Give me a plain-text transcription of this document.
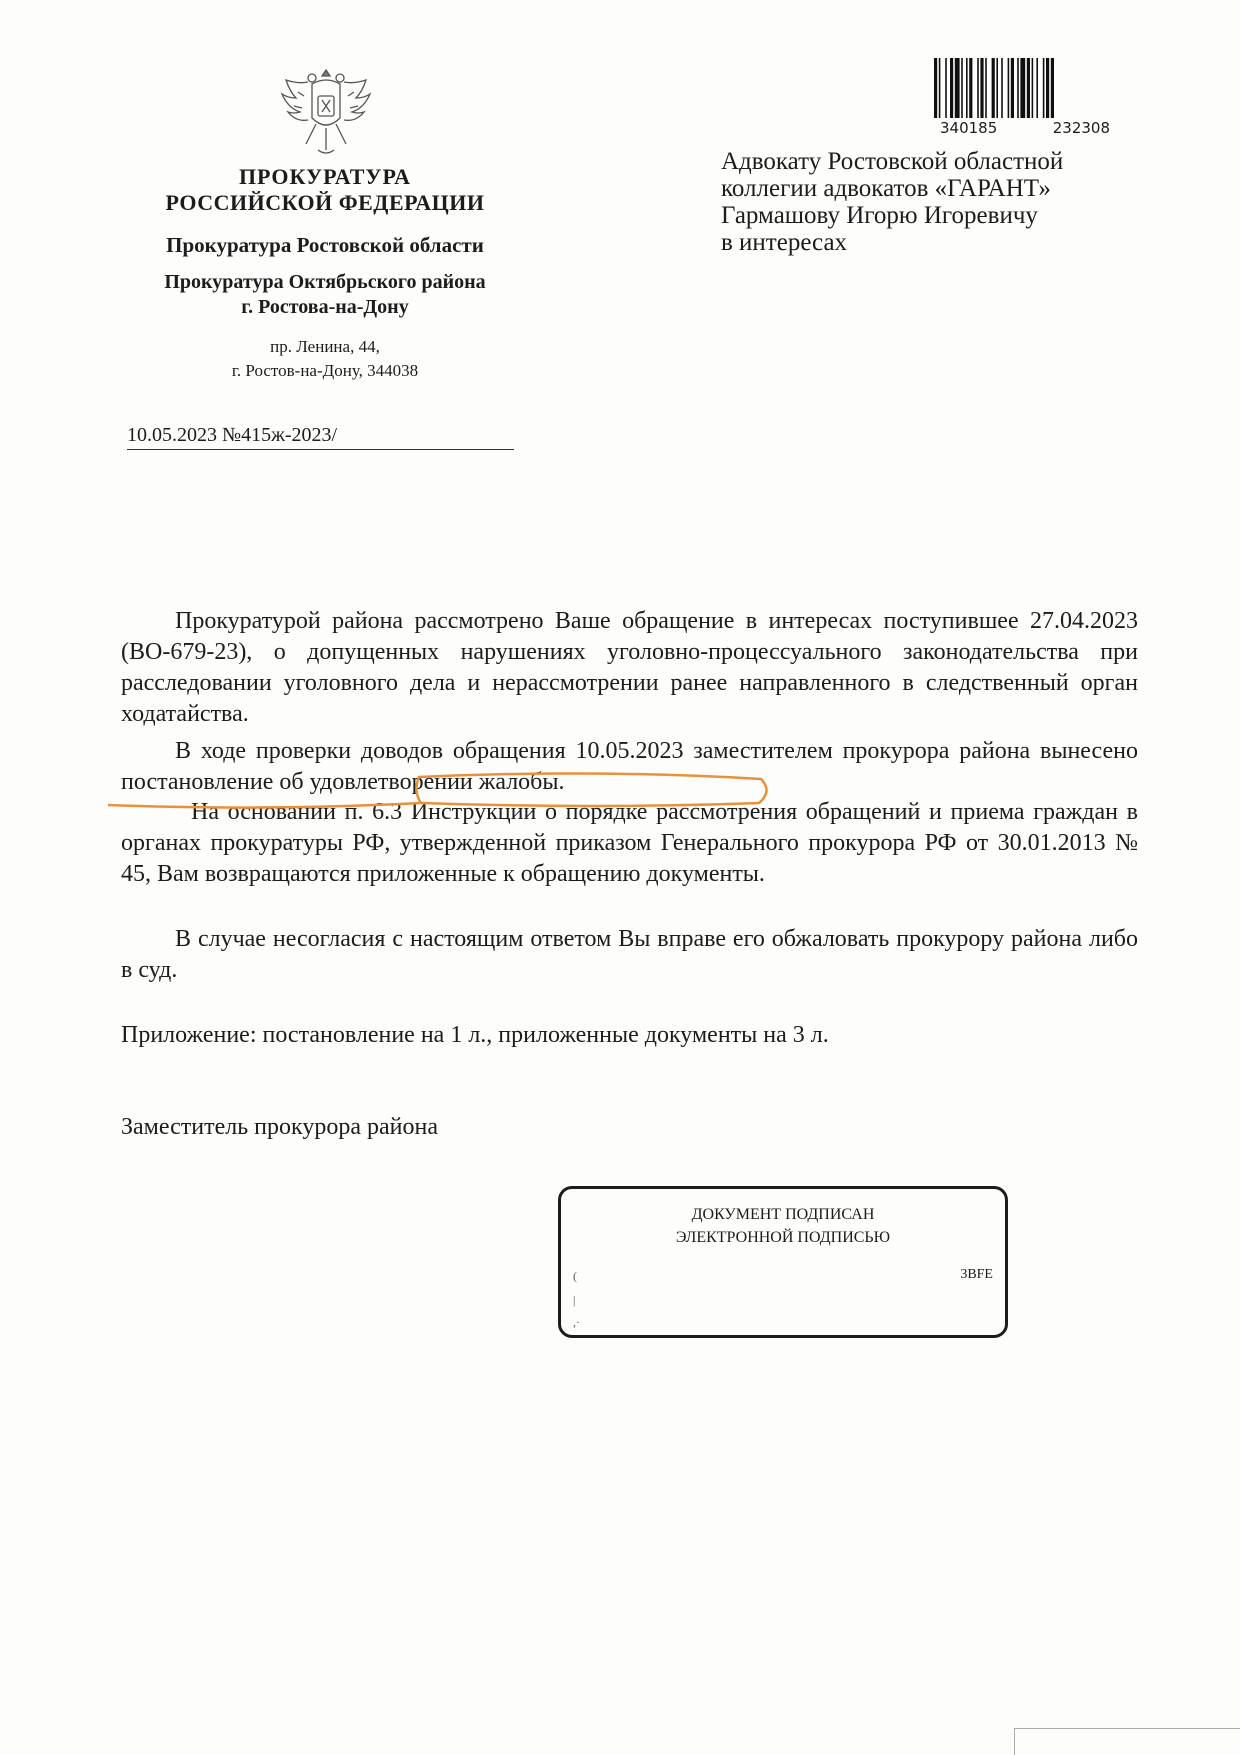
ПРОКУРАТУРА
РОССИЙСКОЙ ФЕДЕРАЦИИ
Прокуратура Ростовской области
Прокуратура Октябрьского района
г. Ростова-на-Дону
пр. Ленина, 44,
г. Ростов-на-Дону, 344038
10.05.2023 №415ж-2023/
340185	232308
Адвокату Ростовской областной
коллегии адвокатов «ГАРАНТ»
Гармашову Игорю Игоревичу
в интересах

Прокуратурой района рассмотрено Ваше обращение в интересах поступившее 27.04.2023 (ВО-679-23), о допущенных нарушениях уголовно-процессуального законодательства при расследовании уголовного дела и нерассмотрении ранее направленного в следственный орган ходатайства.

В ходе проверки доводов обращения 10.05.2023 заместителем прокурора района вынесено постановление об удовлетворении жалобы.

На основании п. 6.3 Инструкции о порядке рассмотрения обращений и приема граждан в органах прокуратуры РФ, утвержденной приказом Генерального прокурора РФ от 30.01.2013 № 45, Вам возвращаются приложенные к обращению документы.

В случае несогласия с настоящим ответом Вы вправе его обжаловать прокурору района либо в суд.

Приложение: постановление на 1 л., приложенные документы на 3 л.
Заместитель прокурора района
ДОКУМЕНТ ПОДПИСАН
ЭЛЕКТРОННОЙ ПОДПИСЬЮ
3BFE
(
|
,·
